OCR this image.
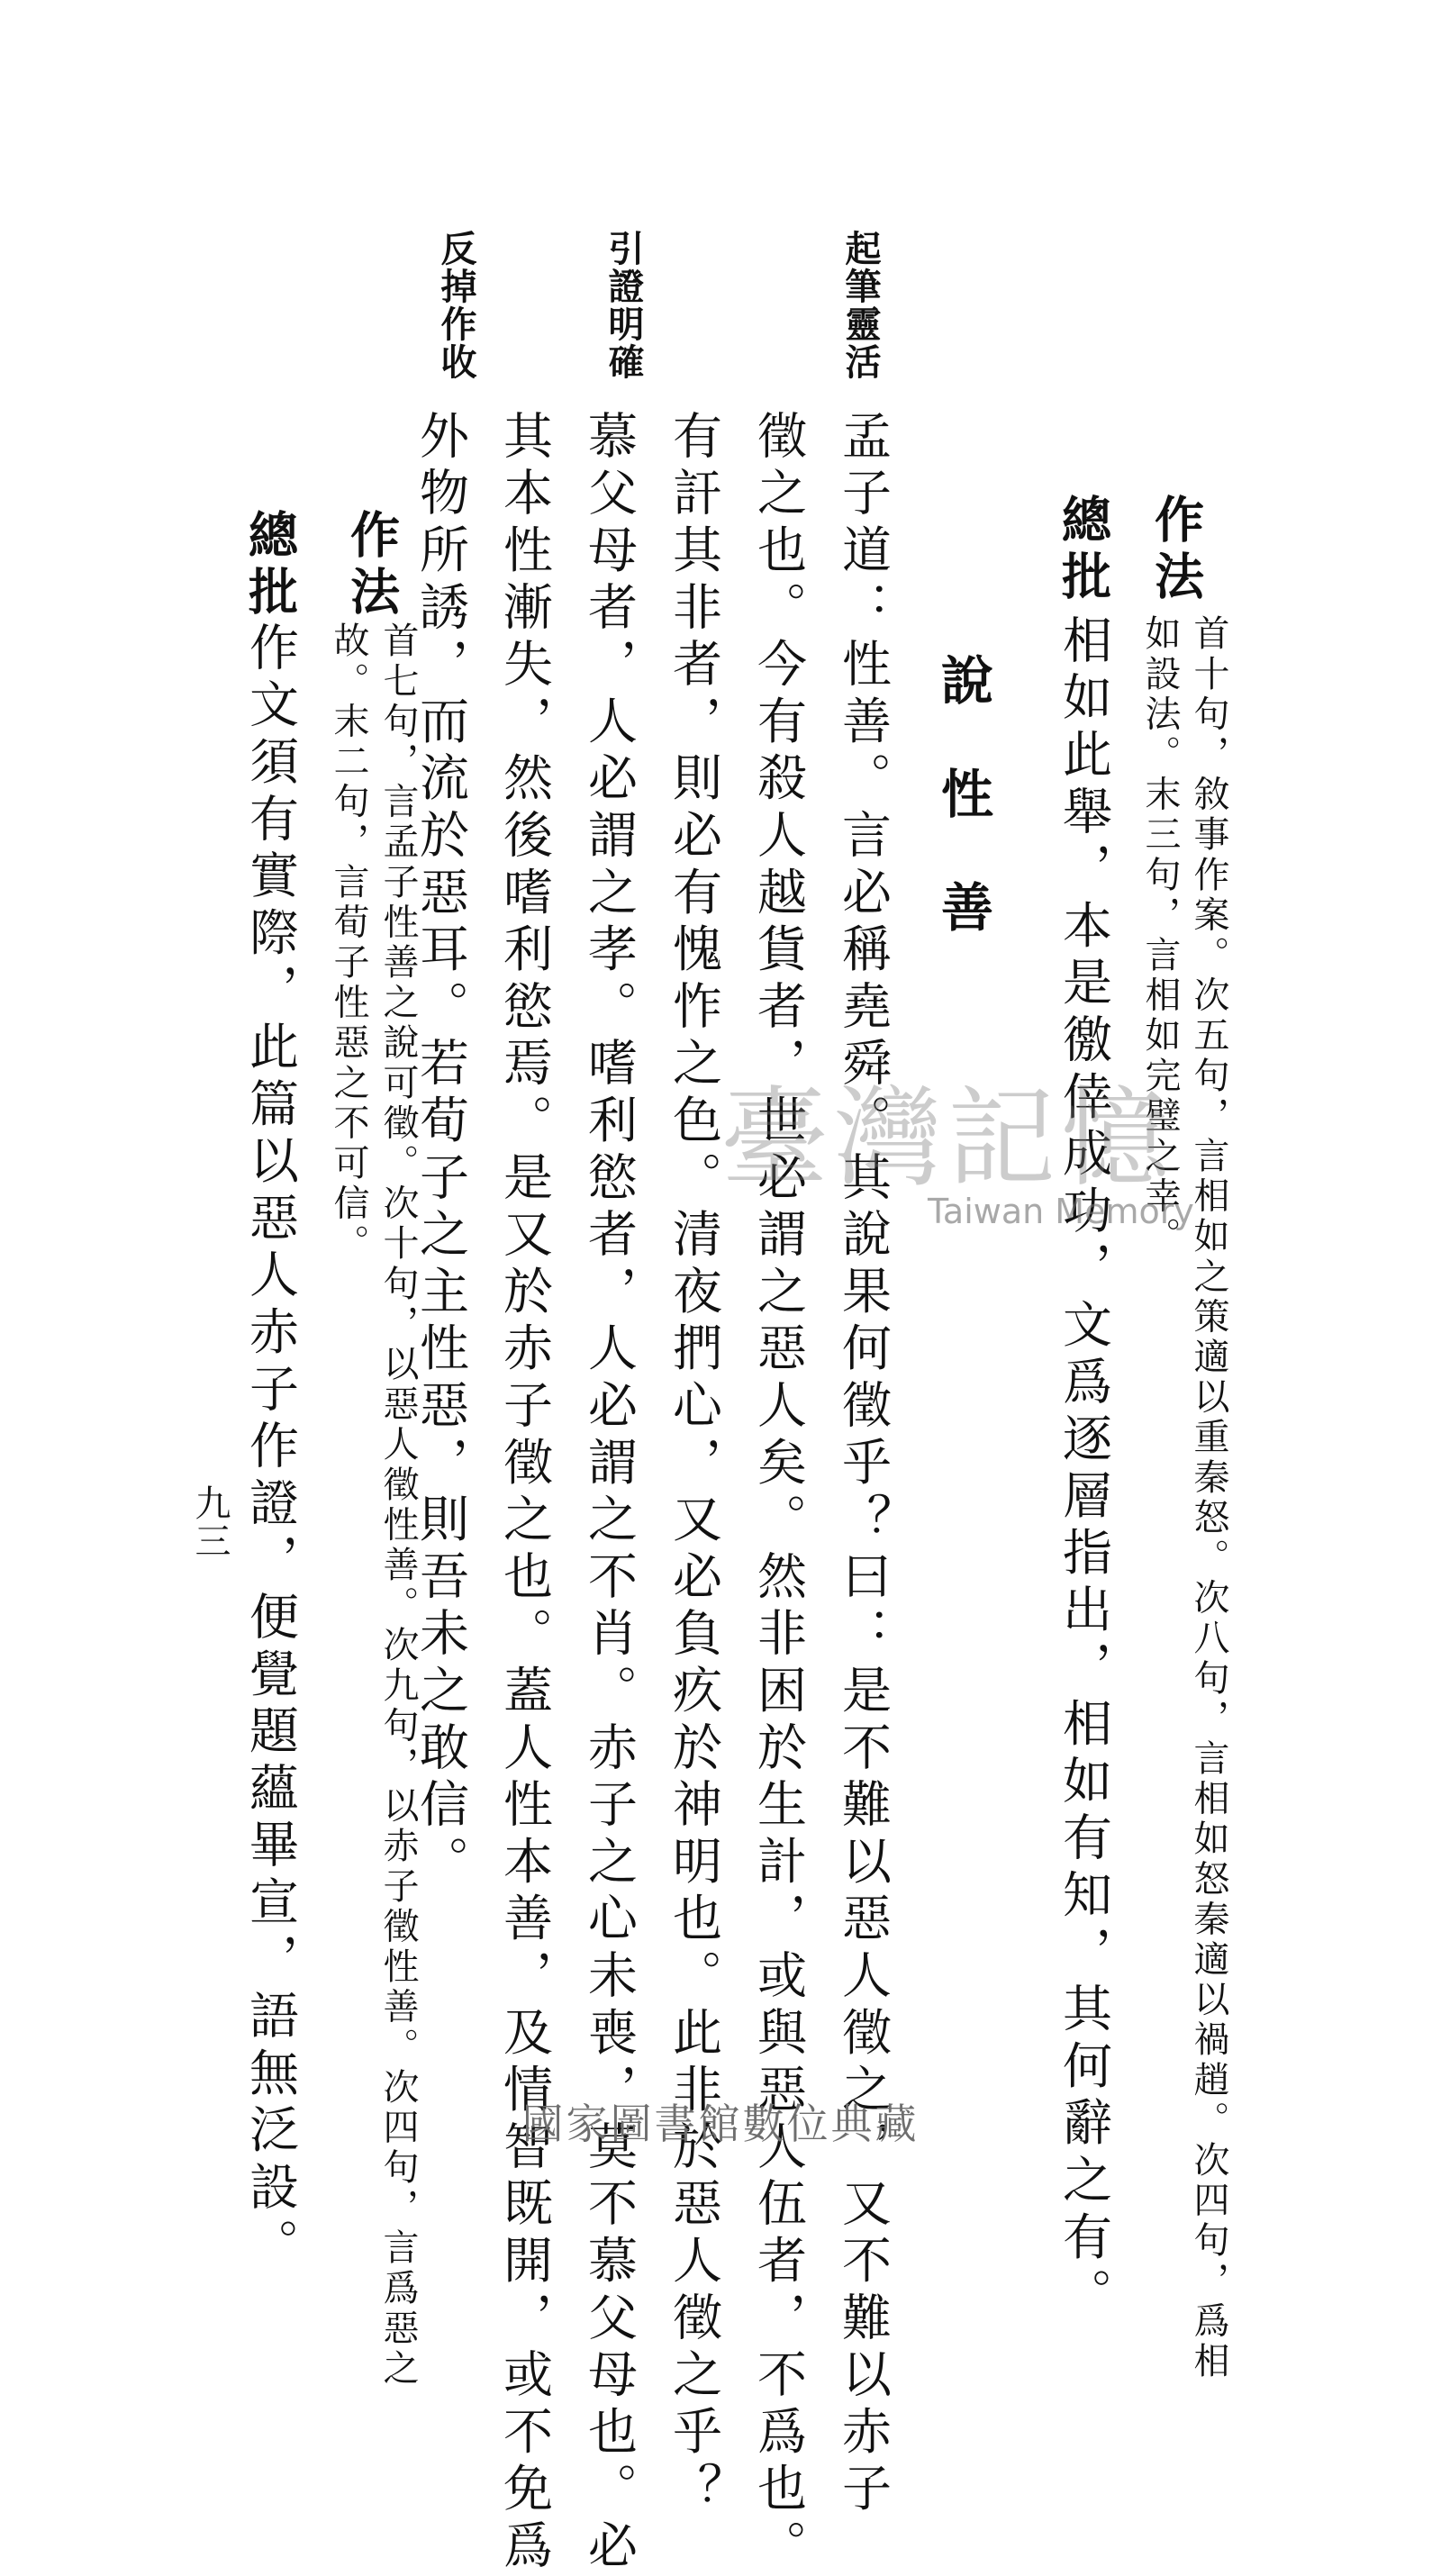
作法
首十句，敘事作案。次五句，言相如之策適以重秦怒。次八句，言相如怒秦適以禍趙。次四句，爲相
如設法。末三句，言相如完璧之幸。
總批
相如此舉，本是徼倖成功，文爲逐層指出，相如有知，其何辭之有。
說性善
孟子道：性善。言必稱堯舜。其說果何徵乎？曰：是不難以惡人徵之，又不難以赤子
徵之也。今有殺人越貨者，世必謂之惡人矣。然非困於生計，或與惡人伍者，不爲也。
有訐其非者，則必有愧怍之色。清夜捫心，又必負疚於神明也。此非於惡人徵之乎？
慕父母者，人必謂之孝。嗜利慾者，人必謂之不肖。赤子之心未喪，莫不慕父母也。必
其本性漸失，然後嗜利慾焉。是又於赤子徵之也。蓋人性本善，及情智既開，或不免爲
外物所誘，而流於惡耳。若荀子之主性惡，則吾未之敢信。
起筆靈活
引證明確
反掉作收
作法
首七句，言孟子性善之說可徵。次十句，以惡人徵性善。次九句，以赤子徵性善。次四句，言爲惡之
故。末二句，言荀子性惡之不可信。
總批
作文須有實際，此篇以惡人赤子作證，便覺題蘊畢宣，語無泛設。
九三
臺灣記憶
Taiwan Memory
國家圖書館數位典藏
